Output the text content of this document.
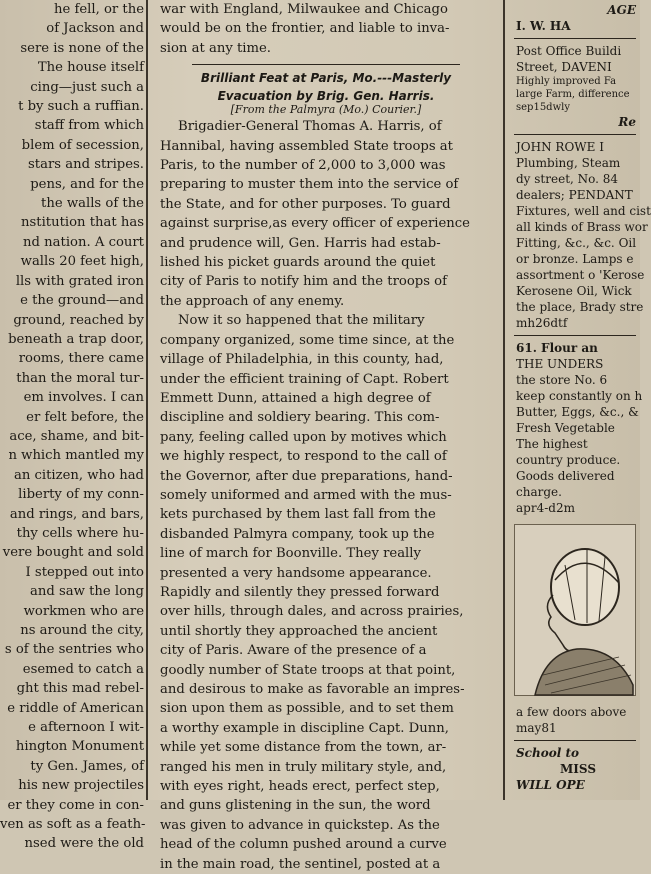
he fell, or the
of Jackson and
sere is none of the
The house itself
cing—just such a
t by such a ruffian.
staff from which
blem of secession,
stars and stripes.
pens, and for the
the walls of the
nstitution that has
nd nation. A court
walls 20 feet high,
lls with grated iron
e the ground—and
ground, reached by
beneath a trap door,
rooms, there came
than the moral tur-
em involves. I can
er felt before, the
ace, shame, and bit-
n which mantled my
an citizen, who had
liberty of my conn-
and rings, and bars,
thy cells where hu-
vere bought and sold
I stepped out into
and saw the long
workmen who are
ns around the city,
s of the sentries who
esemed to catch a
ght this mad rebel-
e riddle of American
e afternoon I wit-
hington Monument
ty Gen. James, of
his new projectiles
er they come in con-
ven as soft as a feath-
nsed were the old
war with England, Milwaukee and Chicago
would be on the frontier, and liable to inva-
sion at any time.
Brilliant Feat at Paris, Mo.---Masterly
Evacuation by Brig. Gen. Harris.
[From the Palmyra (Mo.) Courier.]
Brigadier-General Thomas A. Harris, of
Hannibal, having assembled State troops at
Paris, to the number of 2,000 to 3,000 was
preparing to muster them into the service of
the State, and for other purposes. To guard
against surprise,as every officer of experience
and prudence will, Gen. Harris had estab-
lished his picket guards around the quiet
city of Paris to notify him and the troops of
the approach of any enemy.
Now it so happened that the military
company organized, some time since, at the
village of Philadelphia, in this county, had,
under the efficient training of Capt. Robert
Emmett Dunn, attained a high degree of
discipline and soldiery bearing. This com-
pany, feeling called upon by motives which
we highly respect, to respond to the call of
the Governor, after due preparations, hand-
somely uniformed and armed with the mus-
kets purchased by them last fall from the
disbanded Palmyra company, took up the
line of march for Boonville. They really
presented a very handsome appearance.
Rapidly and silently they pressed forward
over hills, through dales, and across prairies,
until shortly they approached the ancient
city of Paris. Aware of the presence of a
goodly number of State troops at that point,
and desirous to make as favorable an impres-
sion upon them as possible, and to set them
a worthy example in discipline Capt. Dunn,
while yet some distance from the town, ar-
ranged his men in truly military style, and,
with eyes right, heads erect, perfect step,
and guns glistening in the sun, the word
was given to advance in quickstep. As the
head of the column pushed around a curve
in the main road, the sentinel, posted at a
AGE
I. W. HA
Post Office Buildi
Street, DAVENI
Highly improved Fa
large Farm, difference
sep15dwly
Re
JOHN ROWE I
Plumbing, Steam
dy street, No. 84
dealers; PENDANT
Fixtures, well and cist
all kinds of Brass wor
Fitting, &c., &c. Oil
or bronze. Lamps e
assortment o 'Kerose
Kerosene Oil, Wick
the place, Brady stre
mh26dtf
61. Flour an
THE UNDERS
the store No. 6
keep constantly on h
Butter, Eggs, &c., &
Fresh Vegetable
The highest
country produce.
Goods delivered
charge.
apr4-d2m
a few doors above
may81
School to
MISS
WILL OPE
